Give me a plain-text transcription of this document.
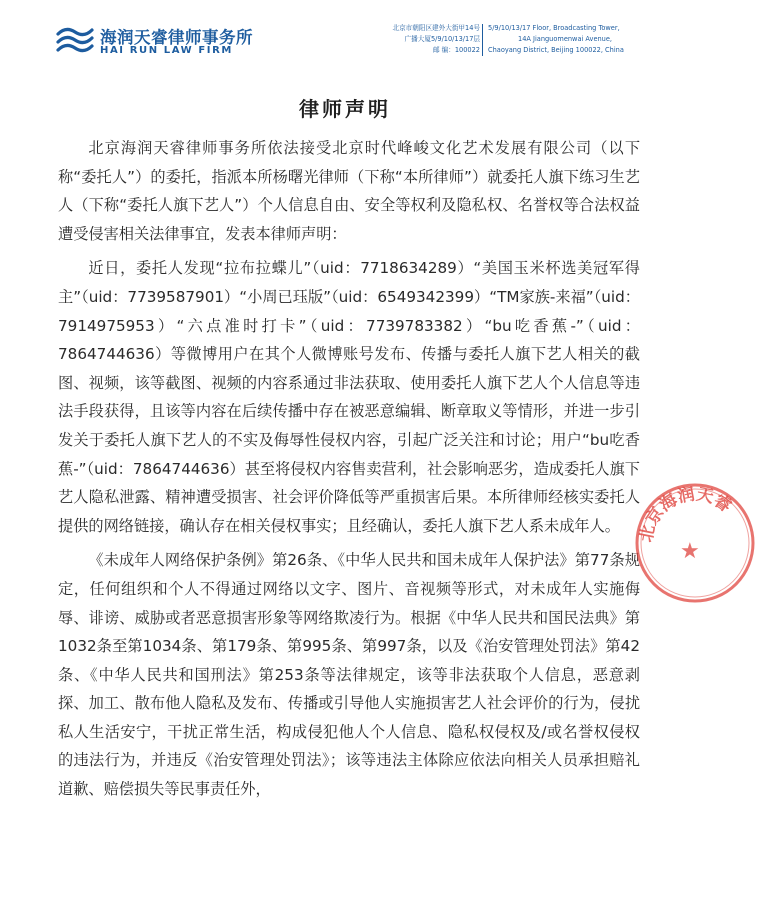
海润天睿律师事务所
HAI RUN LAW FIRM
北京市朝阳区建外大街甲14号
广播大厦5/9/10/13/17层
邮 编：100022
5/9/10/13/17 Floor, Broadcasting Tower,
14A Jianguomenwai Avenue,
Chaoyang District, Beijing 100022, China
律师声明

北京海润天睿律师事务所依法接受北京时代峰峻文化艺术发展有限公司（以下称“委托人”）的委托，指派本所杨曙光律师（下称“本所律师”）就委托人旗下练习生艺人（下称“委托人旗下艺人”）个人信息自由、安全等权利及隐私权、名誉权等合法权益遭受侵害相关法律事宜，发表本律师声明：

近日，委托人发现“拉布拉蝶儿”（uid：7718634289）“美国玉米杯选美冠军得主”（uid：7739587901）“小周已珏版”（uid：6549342399）“TM家族-来福”（uid：7914975953）“六点准时打卡”（uid：7739783382）“bu吃香蕉-”（uid：7864744636）等微博用户在其个人微博账号发布、传播与委托人旗下艺人相关的截图、视频，该等截图、视频的内容系通过非法获取、使用委托人旗下艺人个人信息等违法手段获得，且该等内容在后续传播中存在被恶意编辑、断章取义等情形，并进一步引发关于委托人旗下艺人的不实及侮辱性侵权内容，引起广泛关注和讨论；用户“bu吃香蕉-”（uid：7864744636）甚至将侵权内容售卖营利，社会影响恶劣，造成委托人旗下艺人隐私泄露、精神遭受损害、社会评价降低等严重损害后果。本所律师经核实委托人提供的网络链接，确认存在相关侵权事实；且经确认，委托人旗下艺人系未成年人。

《未成年人网络保护条例》第26条、《中华人民共和国未成年人保护法》第77条规定，任何组织和个人不得通过网络以文字、图片、音视频等形式，对未成年人实施侮辱、诽谤、威胁或者恶意损害形象等网络欺凌行为。根据《中华人民共和国民法典》第1032条至第1034条、第179条、第995条、第997条，以及《治安管理处罚法》第42条、《中华人民共和国刑法》第253条等法律规定，该等非法获取个人信息，恶意剥探、加工、散布他人隐私及发布、传播或引导他人实施损害艺人社会评价的行为，侵扰私人生活安宁，干扰正常生活，构成侵犯他人个人信息、隐私权侵权及/或名誉权侵权的违法行为，并违反《治安管理处罚法》；该等违法主体除应依法向相关人员承担赔礼道歉、赔偿损失等民事责任外，

北京海润天睿
★
